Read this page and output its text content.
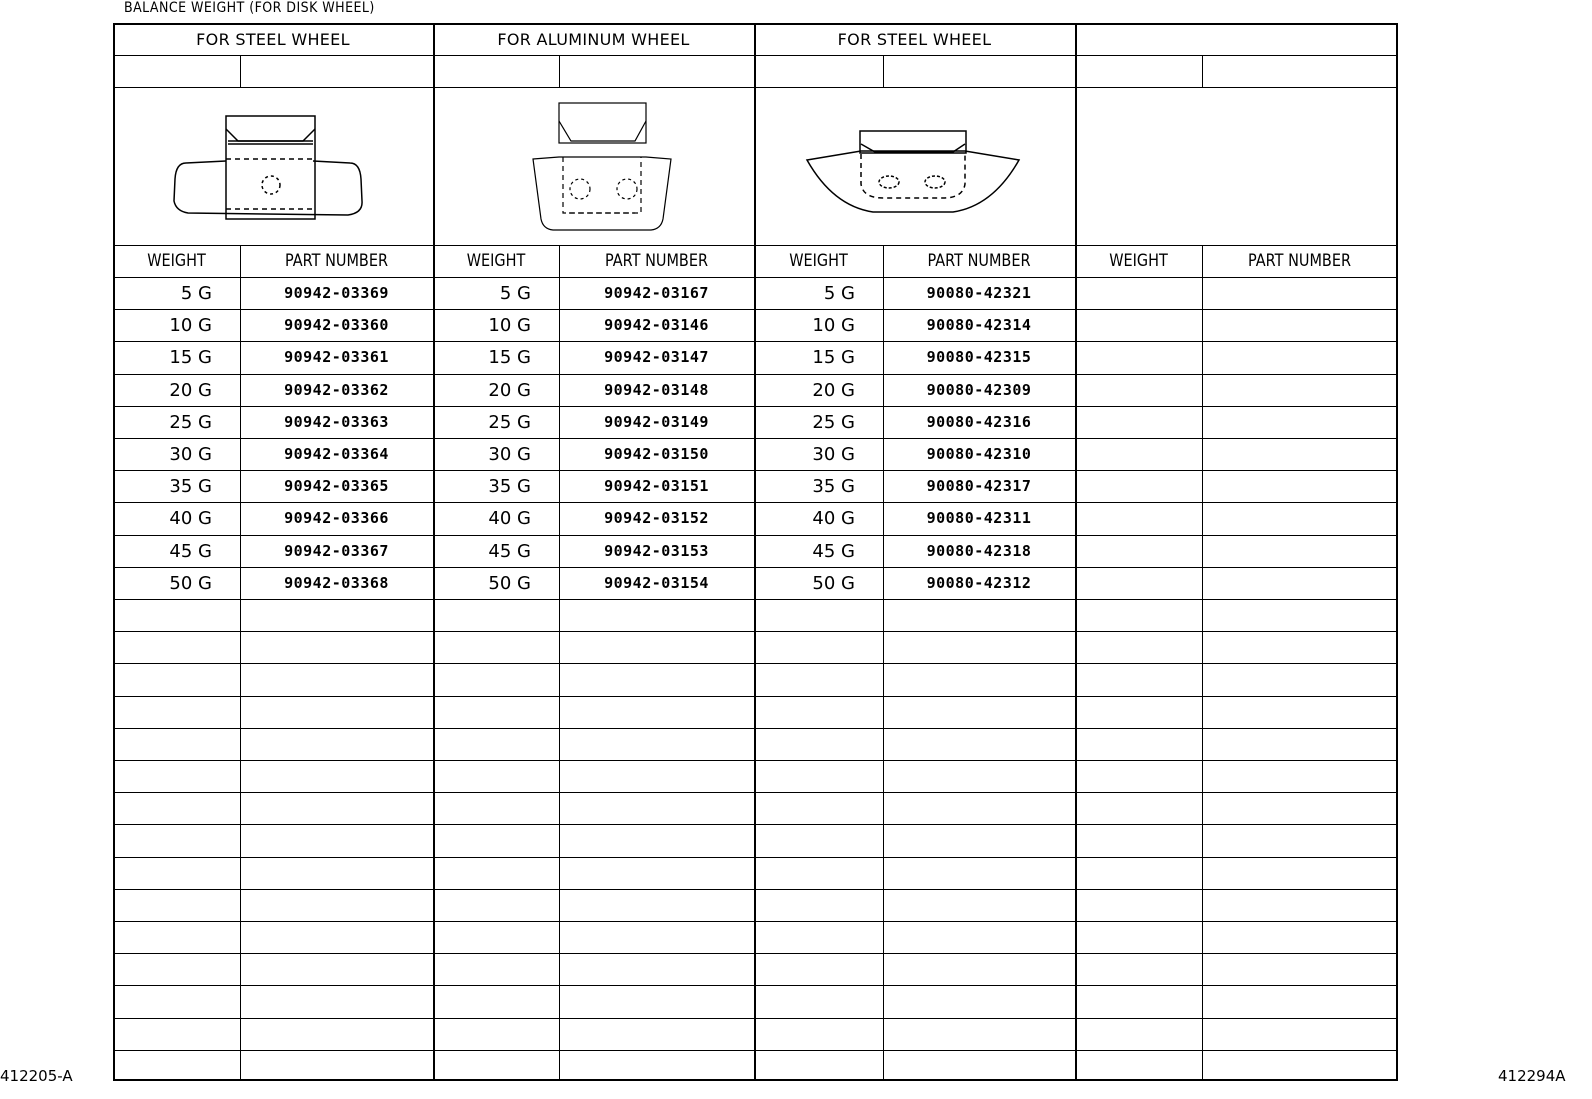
BALANCE WEIGHT (FOR DISK WHEEL)
FOR STEEL WHEEL
WEIGHT	PART NUMBER
5 G	90942-03369
10 G	90942-03360
15 G	90942-03361
20 G	90942-03362
25 G	90942-03363
30 G	90942-03364
35 G	90942-03365
40 G	90942-03366
45 G	90942-03367
50 G	90942-03368
FOR ALUMINUM WHEEL
WEIGHT	PART NUMBER
5 G	90942-03167
10 G	90942-03146
15 G	90942-03147
20 G	90942-03148
25 G	90942-03149
30 G	90942-03150
35 G	90942-03151
40 G	90942-03152
45 G	90942-03153
50 G	90942-03154
FOR STEEL WHEEL
WEIGHT	PART NUMBER
5 G	90080-42321
10 G	90080-42314
15 G	90080-42315
20 G	90080-42309
25 G	90080-42316
30 G	90080-42310
35 G	90080-42317
40 G	90080-42311
45 G	90080-42318
50 G	90080-42312
WEIGHT	PART NUMBER
412205-A	412294A
